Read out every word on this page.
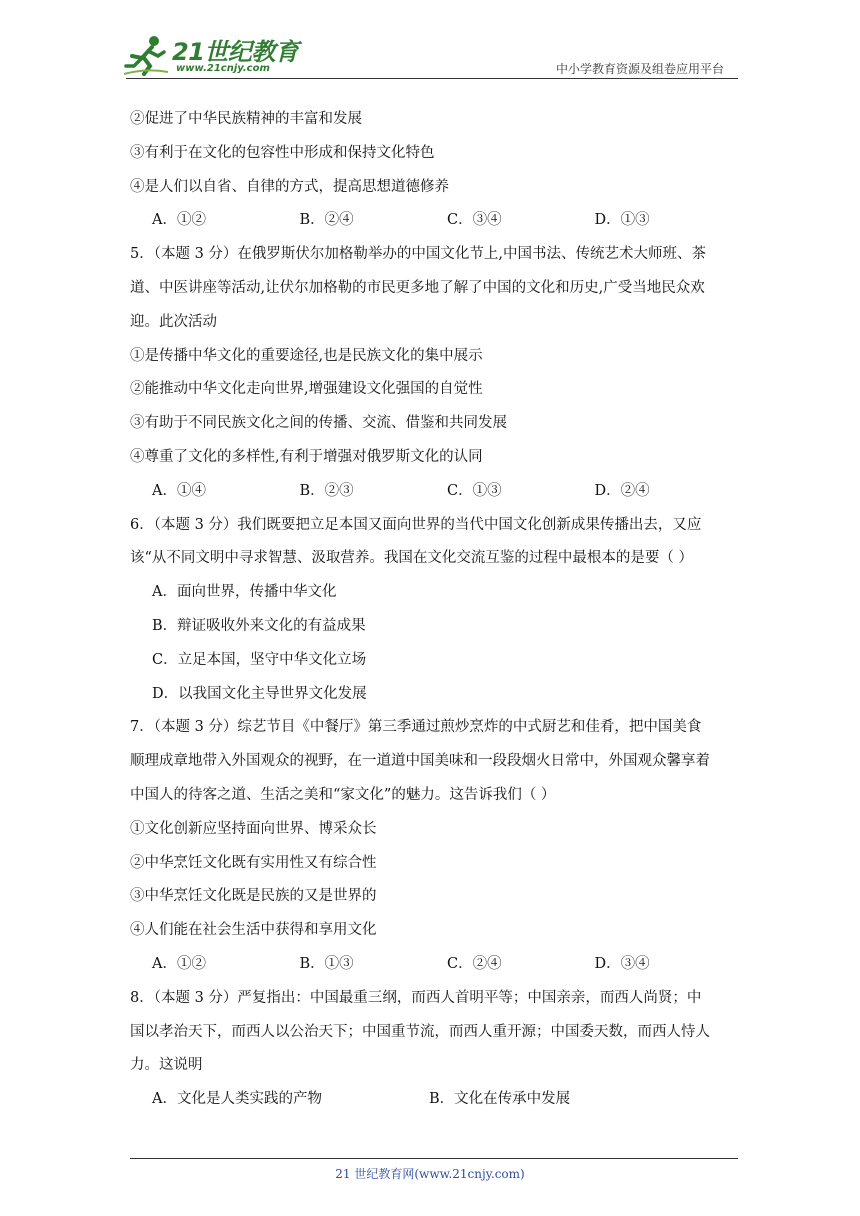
21世纪教育
www.21cnjy.com	中小学教育资源及组卷应用平台
②促进了中华民族精神的丰富和发展
③有利于在文化的包容性中形成和保持文化特色
④是人们以自省、自律的方式，提高思想道德修养
A．①②	B．②④	C．③④	D．①③
5．（本题 3 分）在俄罗斯伏尔加格勒举办的中国文化节上,中国书法、传统艺术大师班、茶
道、中医讲座等活动,让伏尔加格勒的市民更多地了解了中国的文化和历史,广受当地民众欢
迎。此次活动
①是传播中华文化的重要途径,也是民族文化的集中展示
②能推动中华文化走向世界,增强建设文化强国的自觉性
③有助于不同民族文化之间的传播、交流、借鉴和共同发展
④尊重了文化的多样性,有利于增强对俄罗斯文化的认同
A．①④	B．②③	C．①③	D．②④
6．（本题 3 分）我们既要把立足本国又面向世界的当代中国文化创新成果传播出去，又应
该“从不同文明中寻求智慧、汲取营养。我国在文化交流互鉴的过程中最根本的是要（ ）
A．面向世界，传播中华文化
B．辩证吸收外来文化的有益成果
C．立足本国，坚守中华文化立场
D．以我国文化主导世界文化发展
7．（本题 3 分）综艺节目《中餐厅》第三季通过煎炒烹炸的中式厨艺和佳肴，把中国美食
顺理成章地带入外国观众的视野，在一道道中国美味和一段段烟火日常中，外国观众馨享着
中国人的待客之道、生活之美和“家文化”的魅力。这告诉我们（ ）
①文化创新应坚持面向世界、博采众长
②中华烹饪文化既有实用性又有综合性
③中华烹饪文化既是民族的又是世界的
④人们能在社会生活中获得和享用文化
A．①②	B．①③	C．②④	D．③④
8．（本题 3 分）严复指出：中国最重三纲，而西人首明平等；中国亲亲，而西人尚贤；中
国以孝治天下，而西人以公治天下；中国重节流，而西人重开源；中国委天数，而西人恃人
力。这说明
A．文化是人类实践的产物	B．文化在传承中发展
21 世纪教育网(www.21cnjy.com)
